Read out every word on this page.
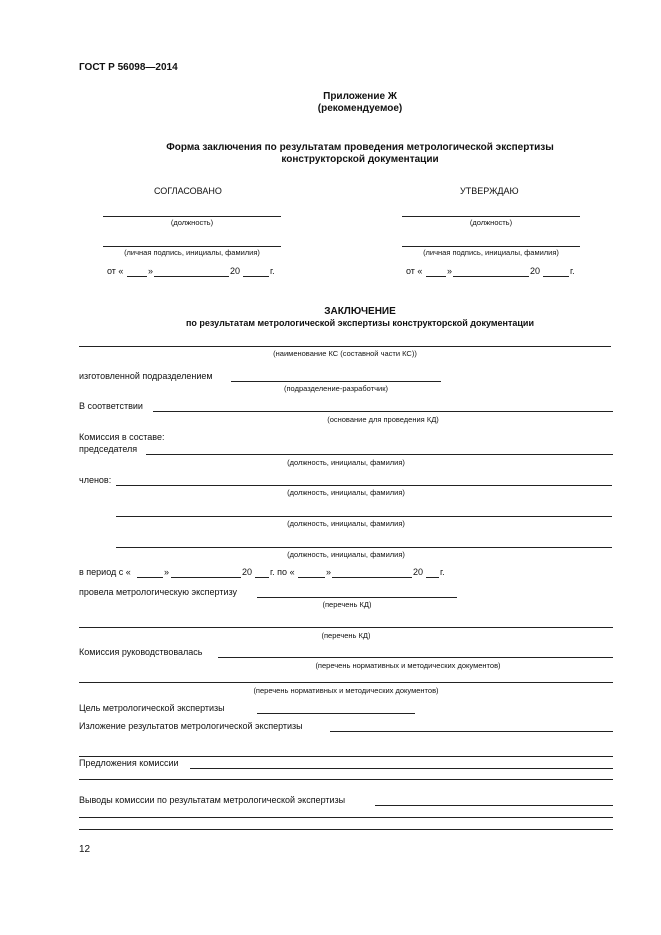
ГОСТ Р 56098—2014
Приложение Ж
(рекомендуемое)
Форма заключения по результатам проведения метрологической экспертизы
конструкторской документации
СОГЛАСОВАНО
(должность)
(личная подпись, инициалы, фамилия)
от «	»	20	г.
УТВЕРЖДАЮ
(должность)
(личная подпись, инициалы, фамилия)
от «	»	20	г.
ЗАКЛЮЧЕНИЕ
по результатам метрологической экспертизы конструкторской документации
(наименование КС (составной части КС))
изготовленной подразделением
(подразделение-разработчик)
В соответствии
(основание для проведения КД)
Комиссия в составе:
председателя
(должность, инициалы, фамилия)
членов:
(должность, инициалы, фамилия)
(должность, инициалы, фамилия)
(должность, инициалы, фамилия)
в период с «	»	20 г. по «	»	20 г.
провела метрологическую экспертизу
(перечень КД)
(перечень КД)
Комиссия руководствовалась
(перечень нормативных и методических документов)
(перечень нормативных и методических документов)
Цель метрологической экспертизы
Изложение результатов метрологической экспертизы
Предложения комиссии
Выводы комиссии по результатам метрологической экспертизы
12
